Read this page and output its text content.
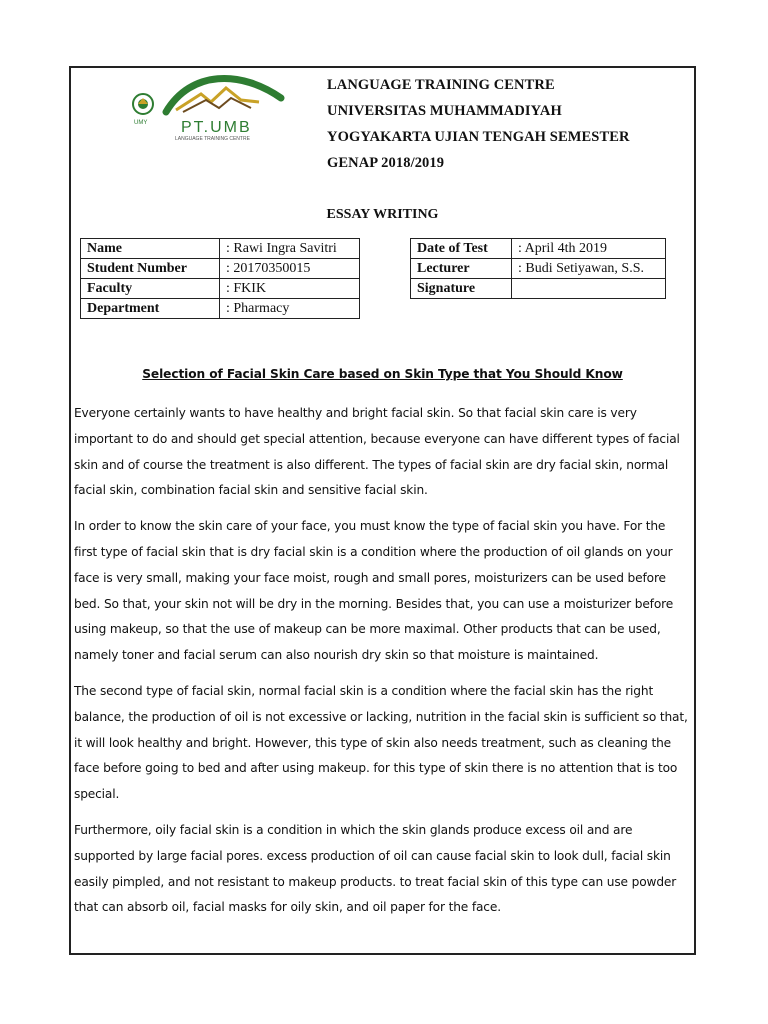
UMY PT.UMB
LANGUAGE TRAINING CENTRE
LANGUAGE TRAINING CENTRE
UNIVERSITAS MUHAMMADIYAH
YOGYAKARTA UJIAN TENGAH SEMESTER
GENAP 2018/2019
ESSAY WRITING
Name	: Rawi Ingra Savitri
Student Number	: 20170350015
Faculty	: FKIK
Department	: Pharmacy
Date of Test	: April 4th 2019
Lecturer	: Budi Setiyawan, S.S.
Signature	
Selection of Facial Skin Care based on Skin Type that You Should Know

Everyone certainly wants to have healthy and bright facial skin. So that facial skin care is very important to do and should get special attention, because everyone can have different types of facial skin and of course the treatment is also different. The types of facial skin are dry facial skin, normal facial skin, combination facial skin and sensitive facial skin.

In order to know the skin care of your face, you must know the type of facial skin you have. For the first type of facial skin that is dry facial skin is a condition where the production of oil glands on your face is very small, making your face moist, rough and small pores, moisturizers can be used before bed. So that, your skin not will be dry in the morning. Besides that, you can use a moisturizer before using makeup, so that the use of makeup can be more maximal. Other products that can be used, namely toner and facial serum can also nourish dry skin so that moisture is maintained.

The second type of facial skin, normal facial skin is a condition where the facial skin has the right balance, the production of oil is not excessive or lacking, nutrition in the facial skin is sufficient so that, it will look healthy and bright. However, this type of skin also needs treatment, such as cleaning the face before going to bed and after using makeup. for this type of skin there is no attention that is too special.

Furthermore, oily facial skin is a condition in which the skin glands produce excess oil and are supported by large facial pores. excess production of oil can cause facial skin to look dull, facial skin easily pimpled, and not resistant to makeup products. to treat facial skin of this type can use powder that can absorb oil, facial masks for oily skin, and oil paper for the face.
